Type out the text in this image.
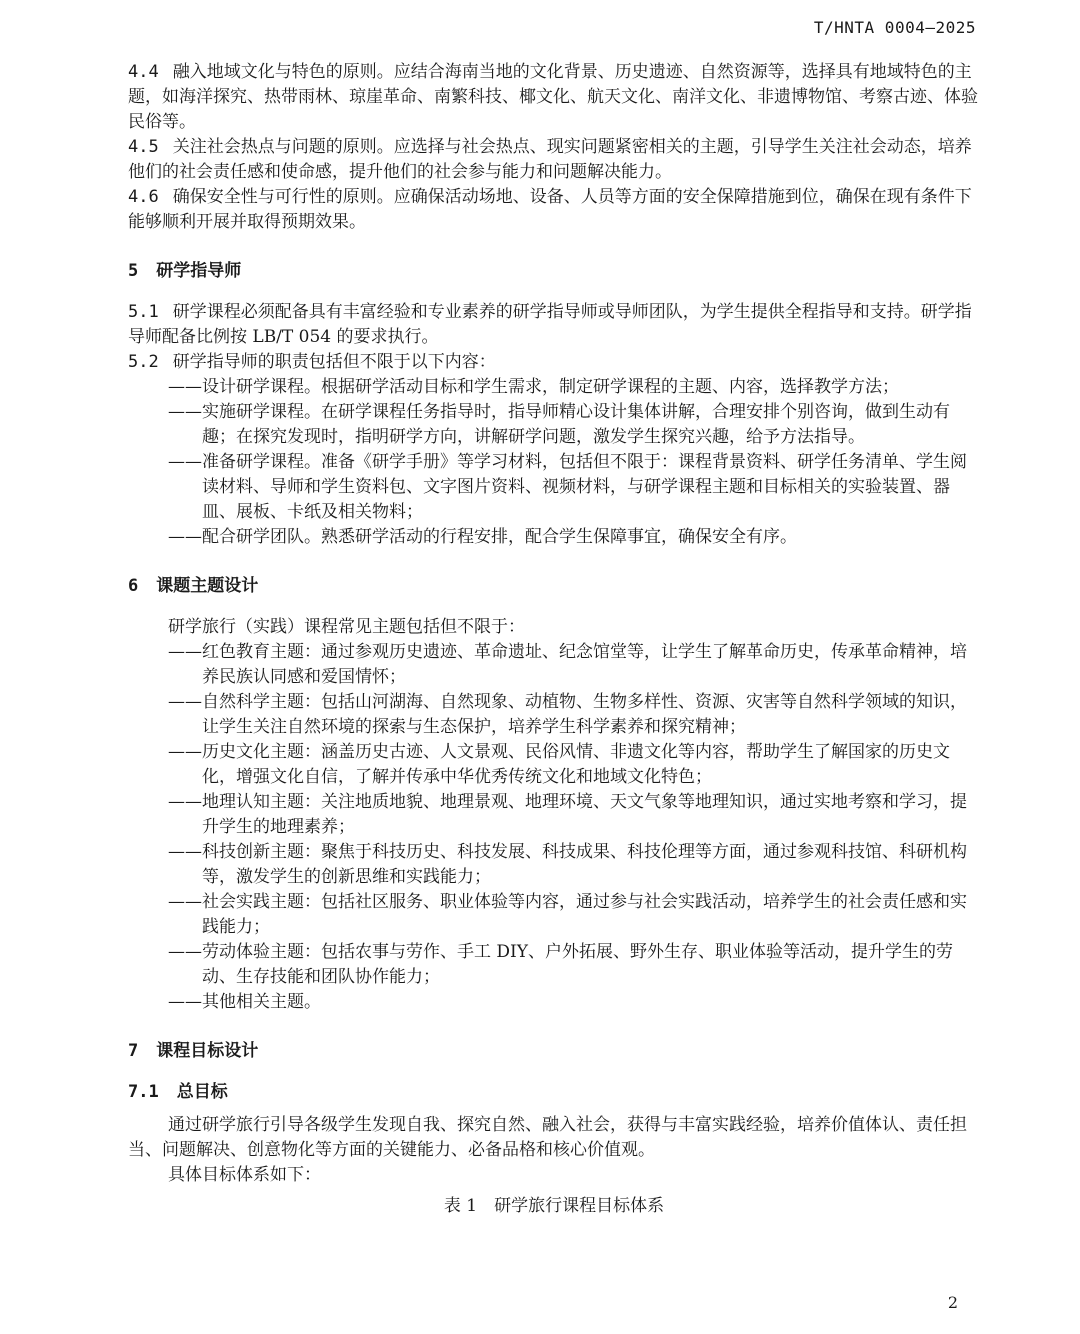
T/HNTA 0004—2025

4.4 融入地域文化与特色的原则。应结合海南当地的文化背景、历史遗迹、自然资源等，选择具有地域特色的主题，如海洋探究、热带雨林、琼崖革命、南繁科技、椰文化、航天文化、南洋文化、非遗博物馆、考察古迹、体验民俗等。

4.5 关注社会热点与问题的原则。应选择与社会热点、现实问题紧密相关的主题，引导学生关注社会动态，培养他们的社会责任感和使命感，提升他们的社会参与能力和问题解决能力。

4.6 确保安全性与可行性的原则。应确保活动场地、设备、人员等方面的安全保障措施到位，确保在现有条件下能够顺利开展并取得预期效果。

5 研学指导师

5.1 研学课程必须配备具有丰富经验和专业素养的研学指导师或导师团队，为学生提供全程指导和支持。研学指导师配备比例按 LB/T 054 的要求执行。

5.2 研学指导师的职责包括但不限于以下内容：

——设计研学课程。根据研学活动目标和学生需求，制定研学课程的主题、内容，选择教学方法；
——实施研学课程。在研学课程任务指导时，指导师精心设计集体讲解，合理安排个别咨询，做到生动有趣；在探究发现时，指明研学方向，讲解研学问题，激发学生探究兴趣，给予方法指导。
——准备研学课程。准备《研学手册》等学习材料，包括但不限于：课程背景资料、研学任务清单、学生阅读材料、导师和学生资料包、文字图片资料、视频材料，与研学课程主题和目标相关的实验装置、器皿、展板、卡纸及相关物料；
——配合研学团队。熟悉研学活动的行程安排，配合学生保障事宜，确保安全有序。
6 课题主题设计

研学旅行（实践）课程常见主题包括但不限于：

——红色教育主题：通过参观历史遗迹、革命遗址、纪念馆堂等，让学生了解革命历史，传承革命精神，培养民族认同感和爱国情怀；
——自然科学主题：包括山河湖海、自然现象、动植物、生物多样性、资源、灾害等自然科学领域的知识，让学生关注自然环境的探索与生态保护，培养学生科学素养和探究精神；
——历史文化主题：涵盖历史古迹、人文景观、民俗风情、非遗文化等内容，帮助学生了解国家的历史文化，增强文化自信，了解并传承中华优秀传统文化和地域文化特色；
——地理认知主题：关注地质地貌、地理景观、地理环境、天文气象等地理知识，通过实地考察和学习，提升学生的地理素养；
——科技创新主题：聚焦于科技历史、科技发展、科技成果、科技伦理等方面，通过参观科技馆、科研机构等，激发学生的创新思维和实践能力；
——社会实践主题：包括社区服务、职业体验等内容，通过参与社会实践活动，培养学生的社会责任感和实践能力；
——劳动体验主题：包括农事与劳作、手工 DIY、户外拓展、野外生存、职业体验等活动，提升学生的劳动、生存技能和团队协作能力；
——其他相关主题。
7 课程目标设计
7.1 总目标

通过研学旅行引导各级学生发现自我、探究自然、融入社会，获得与丰富实践经验，培养价值体认、责任担当、问题解决、创意物化等方面的关键能力、必备品格和核心价值观。

具体目标体系如下：

表 1　研学旅行课程目标体系
2
